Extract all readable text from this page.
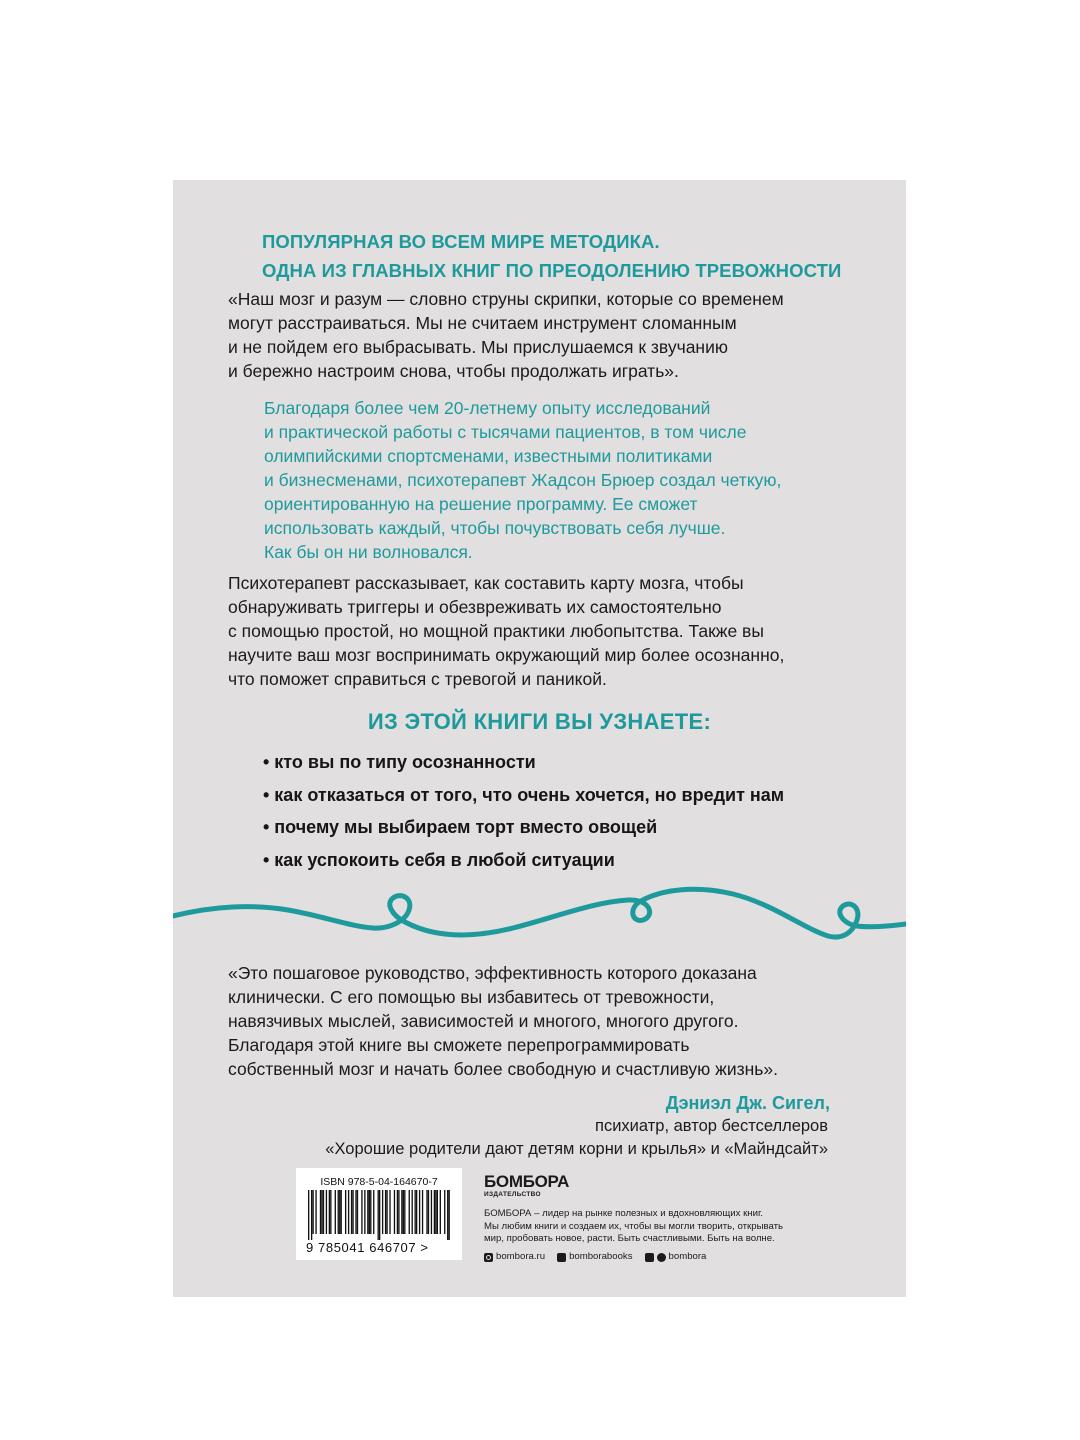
ПОПУЛЯРНАЯ ВО ВСЕМ МИРЕ МЕТОДИКА.
ОДНА ИЗ ГЛАВНЫХ КНИГ ПО ПРЕОДОЛЕНИЮ ТРЕВОЖНОСТИ
«Наш мозг и разум — словно струны скрипки, которые со временем
могут расстраиваться. Мы не считаем инструмент сломанным
и не пойдем его выбрасывать. Мы прислушаемся к звучанию
и бережно настроим снова, чтобы продолжать играть».
Благодаря более чем 20-летнему опыту исследований
и практической работы с тысячами пациентов, в том числе
олимпийскими спортсменами, известными политиками
и бизнесменами, психотерапевт Жадсон Брюер создал четкую,
ориентированную на решение программу. Ее сможет
использовать каждый, чтобы почувствовать себя лучше.
Как бы он ни волновался.
Психотерапевт рассказывает, как составить карту мозга, чтобы
обнаруживать триггеры и обезвреживать их самостоятельно
с помощью простой, но мощной практики любопытства. Также вы
научите ваш мозг воспринимать окружающий мир более осознанно,
что поможет справиться с тревогой и паникой.
ИЗ ЭТОЙ КНИГИ ВЫ УЗНАЕТЕ:
• кто вы по типу осознанности
• как отказаться от того, что очень хочется, но вредит нам
• почему мы выбираем торт вместо овощей
• как успокоить себя в любой ситуации
«Это пошаговое руководство, эффективность которого доказана
клинически. С его помощью вы избавитесь от тревожности,
навязчивых мыслей, зависимостей и многого, многого другого.
Благодаря этой книге вы сможете перепрограммировать
собственный мозг и начать более свободную и счастливую жизнь».
Дэниэл Дж. Сигел,
психиатр, автор бестселлеров
«Хорошие родители дают детям корни и крылья» и «Майндсайт»
ISBN 978-5-04-164670-7
9 785041 646707 >
БОМБОРА
ИЗДАТЕЛЬСТВО
БОМБОРА – лидер на рынке полезных и вдохновляющих книг.
Мы любим книги и создаем их, чтобы вы могли творить, открывать
мир, пробовать новое, расти. Быть счастливыми. Быть на волне.
bombora.ru	bomborabooks	bombora
